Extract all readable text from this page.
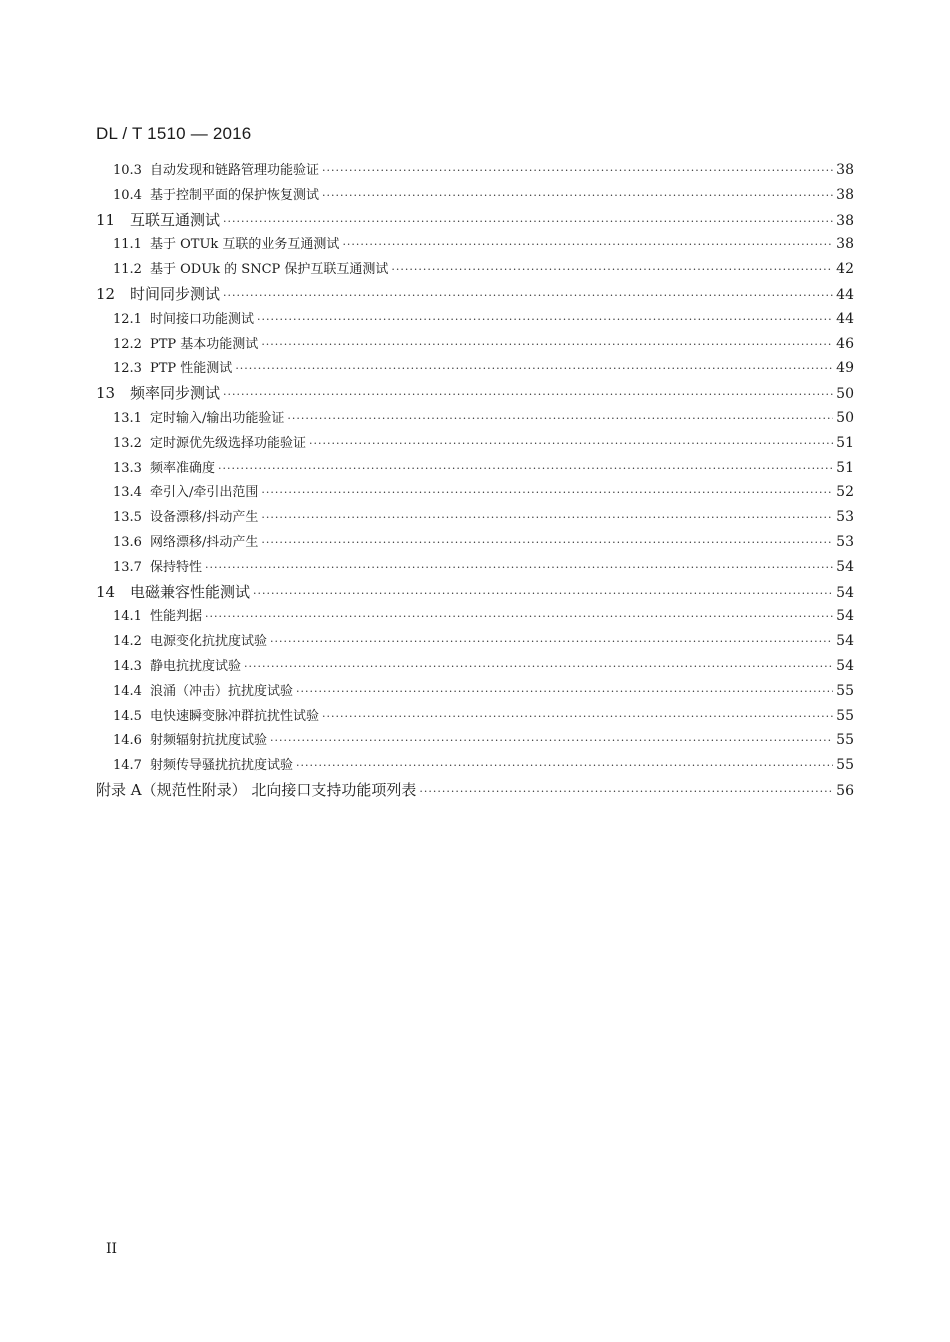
DL / T 1510 — 2016
10.3 自动发现和链路管理功能验证 ·····	38
10.4 基于控制平面的保护恢复测试 ·····	38
11 互联互通测试 ·····	38
11.1 基于 OTUk 互联的业务互通测试 ·····	38
11.2 基于 ODUk 的 SNCP 保护互联互通测试 ·····	42
12 时间同步测试 ·····	44
12.1 时间接口功能测试 ·····	44
12.2 PTP 基本功能测试 ·····	46
12.3 PTP 性能测试 ·····	49
13 频率同步测试 ·····	50
13.1 定时输入/输出功能验证 ·····	50
13.2 定时源优先级选择功能验证 ·····	51
13.3 频率准确度 ·····	51
13.4 牵引入/牵引出范围 ·····	52
13.5 设备漂移/抖动产生 ·····	53
13.6 网络漂移/抖动产生 ·····	53
13.7 保持特性 ·····	54
14 电磁兼容性能测试 ·····	54
14.1 性能判据 ·····	54
14.2 电源变化抗扰度试验 ·····	54
14.3 静电抗扰度试验 ·····	54
14.4 浪涌（冲击）抗扰度试验 ·····	55
14.5 电快速瞬变脉冲群抗扰性试验 ·····	55
14.6 射频辐射抗扰度试验 ·····	55
14.7 射频传导骚扰抗扰度试验 ·····	55
附录 A（规范性附录） 北向接口支持功能项列表 ·····	56
II
